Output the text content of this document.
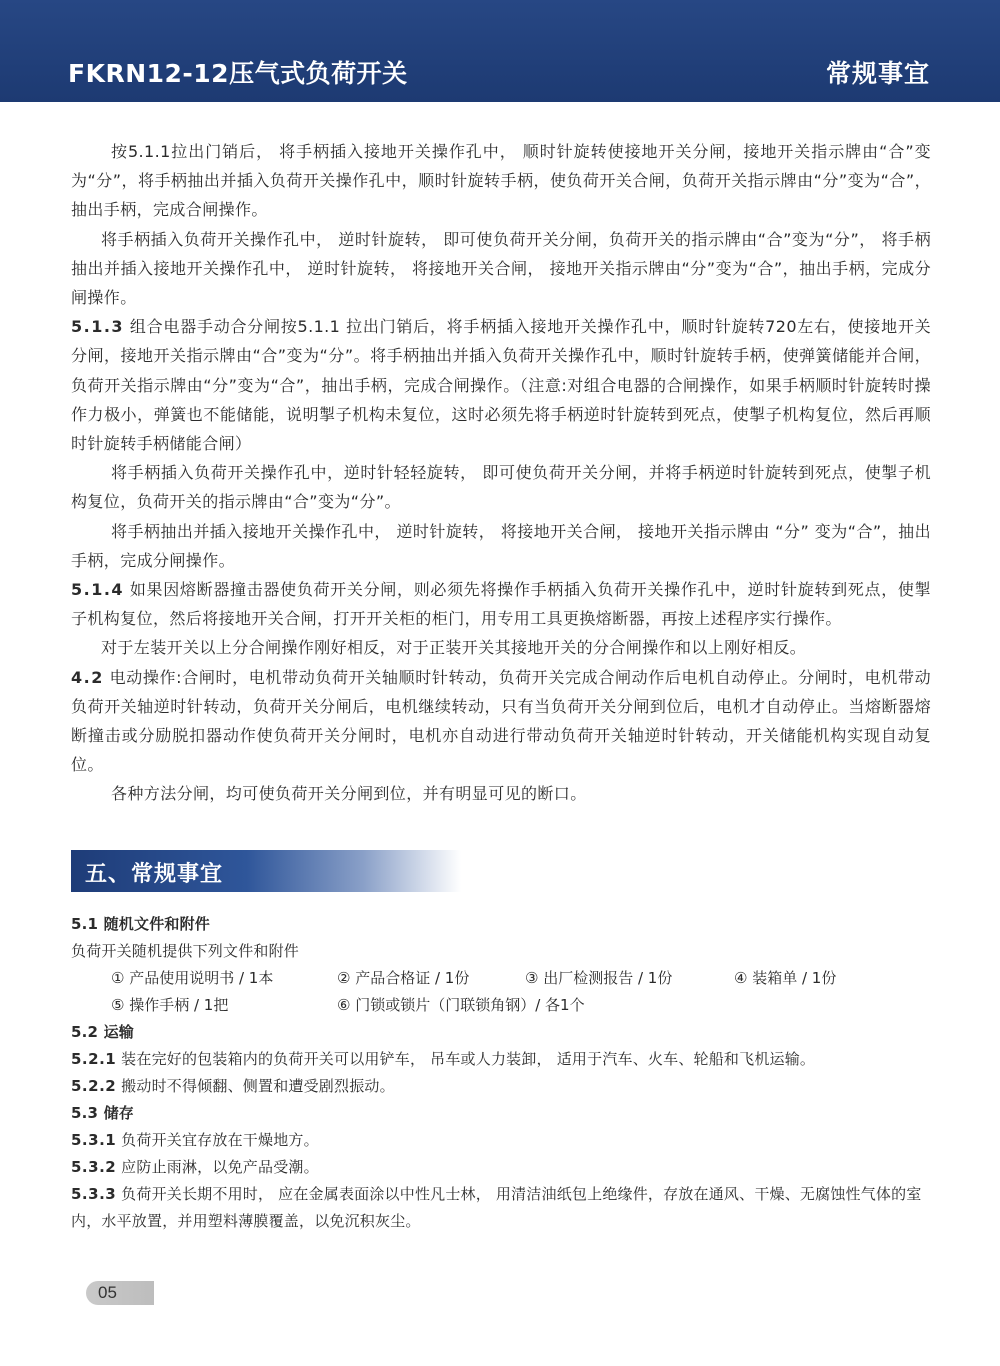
FKRN12-12压气式负荷开关	常规事宜

按5.1.1拉出门销后， 将手柄插入接地开关操作孔中， 顺时针旋转使接地开关分闸，接地开关指示牌由“合”变为“分”，将手柄抽出并插入负荷开关操作孔中，顺时针旋转手柄，使负荷开关合闸，负荷开关指示牌由“分”变为“合”，抽出手柄，完成合闸操作。

将手柄插入负荷开关操作孔中， 逆时针旋转， 即可使负荷开关分闸，负荷开关的指示牌由“合”变为“分”， 将手柄抽出并插入接地开关操作孔中， 逆时针旋转， 将接地开关合闸， 接地开关指示牌由“分”变为“合”，抽出手柄，完成分闸操作。

5.1.3 组合电器手动合分闸按5.1.1 拉出门销后，将手柄插入接地开关操作孔中，顺时针旋转720左右，使接地开关分闸，接地开关指示牌由“合”变为“分”。将手柄抽出并插入负荷开关操作孔中，顺时针旋转手柄，使弹簧储能并合闸，负荷开关指示牌由“分”变为“合”，抽出手柄，完成合闸操作。（注意:对组合电器的合闸操作，如果手柄顺时针旋转时操作力极小，弹簧也不能储能，说明掣子机构未复位，这时必须先将手柄逆时针旋转到死点，使掣子机构复位，然后再顺时针旋转手柄储能合闸）

将手柄插入负荷开关操作孔中，逆时针轻轻旋转， 即可使负荷开关分闸，并将手柄逆时针旋转到死点，使掣子机构复位，负荷开关的指示牌由“合”变为“分”。

将手柄抽出并插入接地开关操作孔中， 逆时针旋转， 将接地开关合闸， 接地开关指示牌由 “分” 变为“合”，抽出手柄，完成分闸操作。

5.1.4 如果因熔断器撞击器使负荷开关分闸，则必须先将操作手柄插入负荷开关操作孔中，逆时针旋转到死点，使掣子机构复位，然后将接地开关合闸，打开开关柜的柜门，用专用工具更换熔断器，再按上述程序实行操作。

对于左装开关以上分合闸操作刚好相反，对于正装开关其接地开关的分合闸操作和以上刚好相反。

4.2 电动操作:合闸时，电机带动负荷开关轴顺时针转动，负荷开关完成合闸动作后电机自动停止。分闸时，电机带动负荷开关轴逆时针转动，负荷开关分闸后，电机继续转动，只有当负荷开关分闸到位后，电机才自动停止。当熔断器熔断撞击或分励脱扣器动作使负荷开关分闸时，电机亦自动进行带动负荷开关轴逆时针转动，开关储能机构实现自动复位。

各种方法分闸，均可使负荷开关分闸到位，并有明显可见的断口。

五、常规事宜

5.1 随机文件和附件

负荷开关随机提供下列文件和附件

① 产品使用说明书 / 1本	② 产品合格证 / 1份	③ 出厂检测报告 / 1份	④ 装箱单 / 1份
⑤ 操作手柄 / 1把	⑥ 门锁或锁片（门联锁角钢）/ 各1个

5.2 运输

5.2.1 装在完好的包装箱内的负荷开关可以用铲车， 吊车或人力装卸， 适用于汽车、火车、轮船和飞机运输。

5.2.2 搬动时不得倾翻、侧置和遭受剧烈振动。

5.3 储存

5.3.1 负荷开关宜存放在干燥地方。

5.3.2 应防止雨淋，以免产品受潮。

5.3.3 负荷开关长期不用时， 应在金属表面涂以中性凡士林， 用清洁油纸包上绝缘件，存放在通风、干燥、无腐蚀性气体的室内，水平放置，并用塑料薄膜覆盖，以免沉积灰尘。

05
